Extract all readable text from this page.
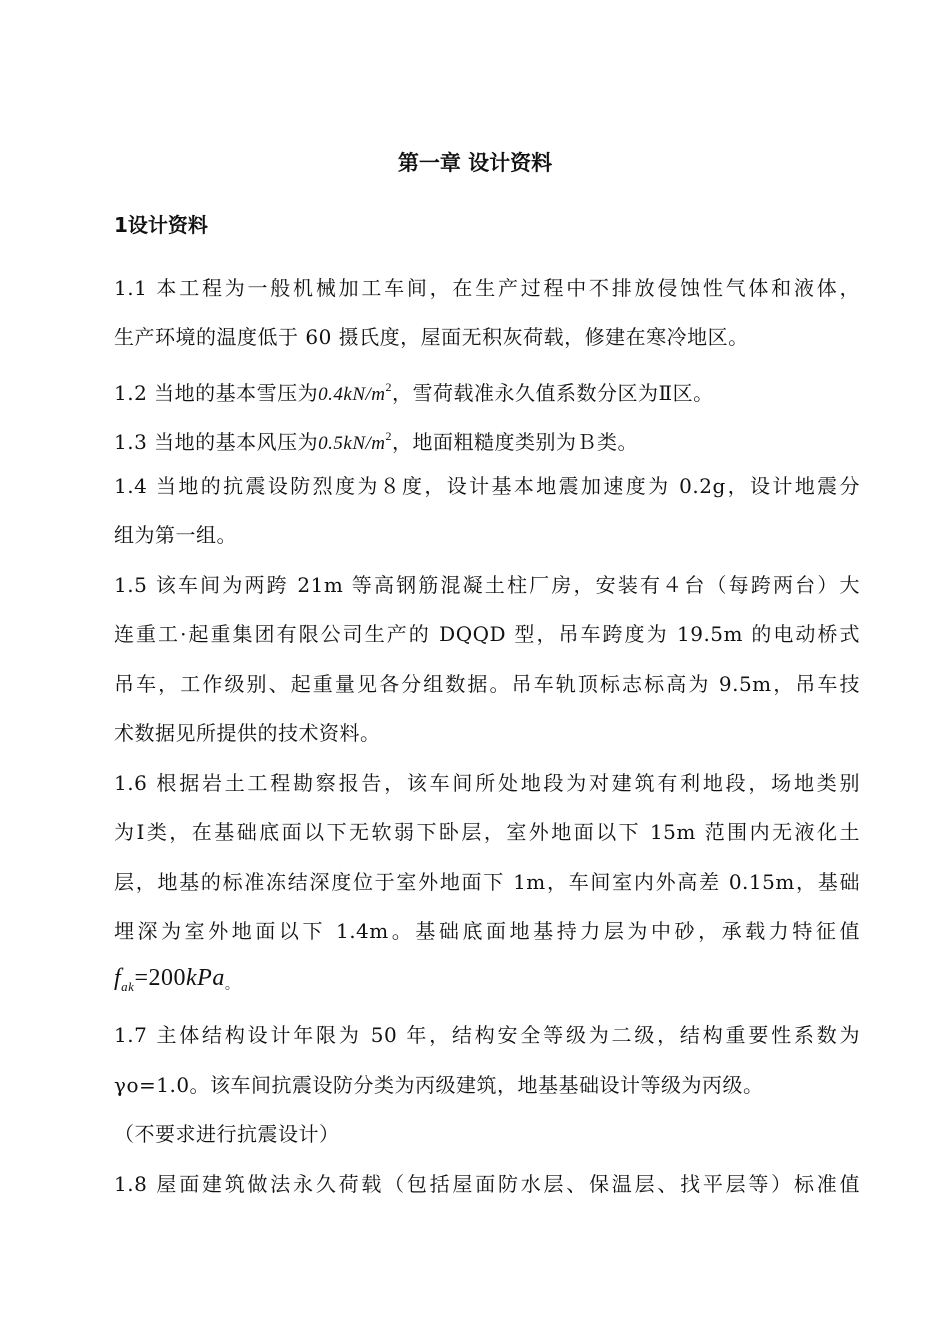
第一章 设计资料
1设计资料
1.1 本工程为一般机械加工车间，在生产过程中不排放侵蚀性气体和液体，
生产环境的温度低于 60 摄氏度，屋面无积灰荷载，修建在寒冷地区。
1.2 当地的基本雪压为$0.4kN/m^2$，雪荷载准永久值系数分区为Ⅱ区。
1.3 当地的基本风压为$0.5kN/m^2$，地面粗糙度类别为Ｂ类。
1.4 当地的抗震设防烈度为８度，设计基本地震加速度为 0.2g，设计地震分
组为第一组。
1.5 该车间为两跨 21m 等高钢筋混凝土柱厂房，安装有４台（每跨两台）大
连重工·起重集团有限公司生产的 DQQD 型，吊车跨度为 19.5m 的电动桥式
吊车，工作级别、起重量见各分组数据。吊车轨顶标志标高为 9.5m，吊车技
术数据见所提供的技术资料。
1.6 根据岩土工程勘察报告，该车间所处地段为对建筑有利地段，场地类别
为Ⅰ类，在基础底面以下无软弱下卧层，室外地面以下 15m 范围内无液化土
层，地基的标准冻结深度位于室外地面下 1m，车间室内外高差 0.15m，基础
埋深为室外地面以下 1.4m。基础底面地基持力层为中砂，承载力特征值
$f_{ak}=200kPa_。$
1.7 主体结构设计年限为 50 年，结构安全等级为二级，结构重要性系数为
γo=1.0。该车间抗震设防分类为丙级建筑，地基基础设计等级为丙级。
（不要求进行抗震设计）
1.8 屋面建筑做法永久荷载（包括屋面防水层、保温层、找平层等）标准值
